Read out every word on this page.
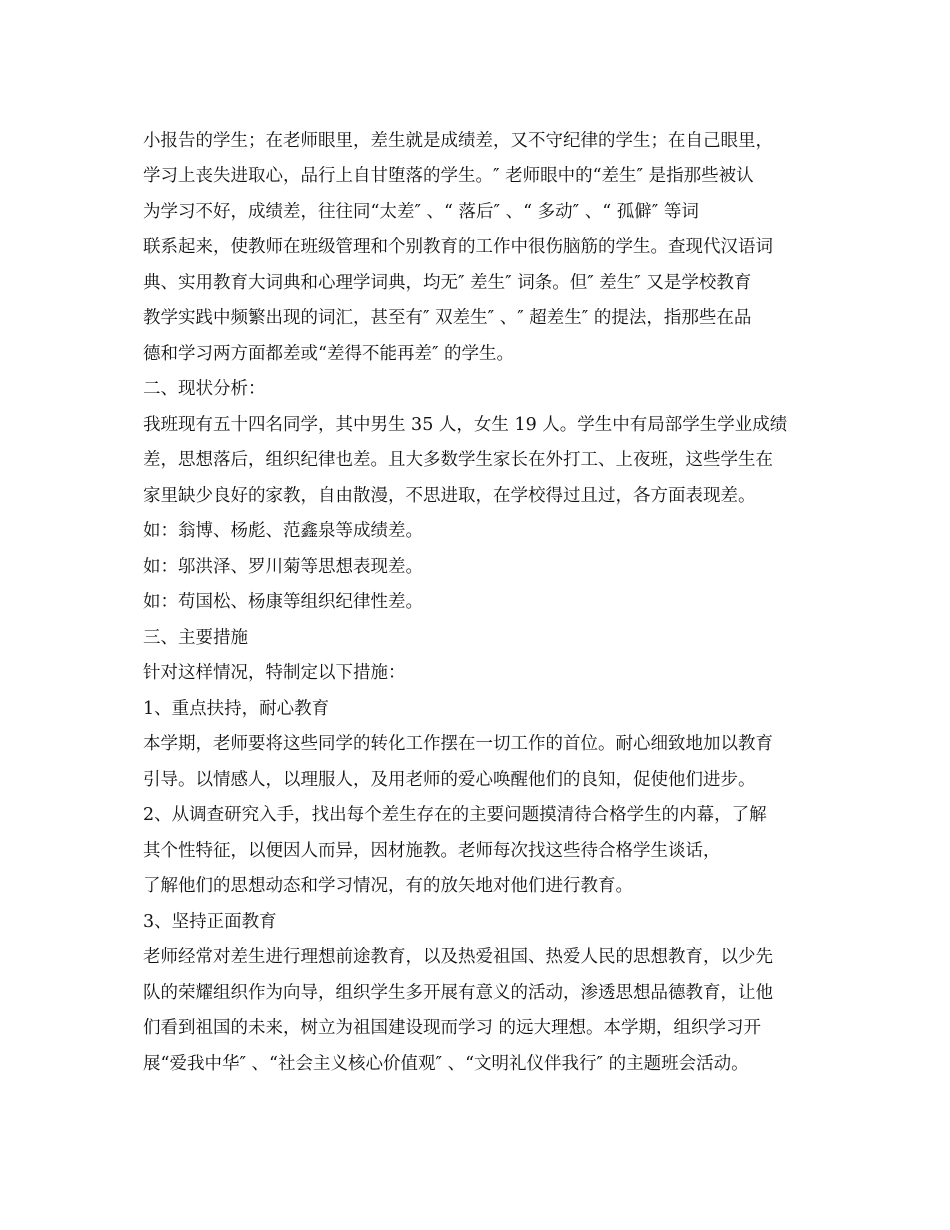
小报告的学生；在老师眼里，差生就是成绩差，又不守纪律的学生；在自己眼里，
学习上丧失进取心，品行上自甘堕落的学生。″ 老师眼中的“差生″ 是指那些被认
为学习不好，成绩差，往往同“太差″ 、“ 落后″ 、“ 多动″ 、“ 孤僻″ 等词
联系起来，使教师在班级管理和个别教育的工作中很伤脑筋的学生。查现代汉语词
典、实用教育大词典和心理学词典，均无″ 差生″ 词条。但″ 差生″ 又是学校教育
教学实践中频繁出现的词汇，甚至有″ 双差生″ 、″ 超差生″ 的提法，指那些在品
德和学习两方面都差或“差得不能再差″ 的学生。
二、现状分析：
我班现有五十四名同学，其中男生 35 人，女生 19 人。学生中有局部学生学业成绩
差，思想落后，组织纪律也差。且大多数学生家长在外打工、上夜班，这些学生在
家里缺少良好的家教，自由散漫，不思进取，在学校得过且过，各方面表现差。
如：翁博、杨彪、范鑫泉等成绩差。
如：邬洪泽、罗川菊等思想表现差。
如：苟国松、杨康等组织纪律性差。
三、主要措施
针对这样情况，特制定以下措施：
1、重点扶持，耐心教育
本学期，老师要将这些同学的转化工作摆在一切工作的首位。耐心细致地加以教育
引导。以情感人，以理服人，及用老师的爱心唤醒他们的良知，促使他们进步。
2、从调查研究入手，找出每个差生存在的主要问题摸清待合格学生的内幕，了解
其个性特征，以便因人而异，因材施教。老师每次找这些待合格学生谈话，
了解他们的思想动态和学习情况，有的放矢地对他们进行教育。
3、坚持正面教育
老师经常对差生进行理想前途教育，以及热爱祖国、热爱人民的思想教育，以少先
队的荣耀组织作为向导，组织学生多开展有意义的活动，渗透思想品德教育，让他
们看到祖国的未来，树立为祖国建设现而学习 的远大理想。本学期，组织学习开
展“爱我中华″ 、“社会主义核心价值观″ 、“文明礼仪伴我行″ 的主题班会活动。
